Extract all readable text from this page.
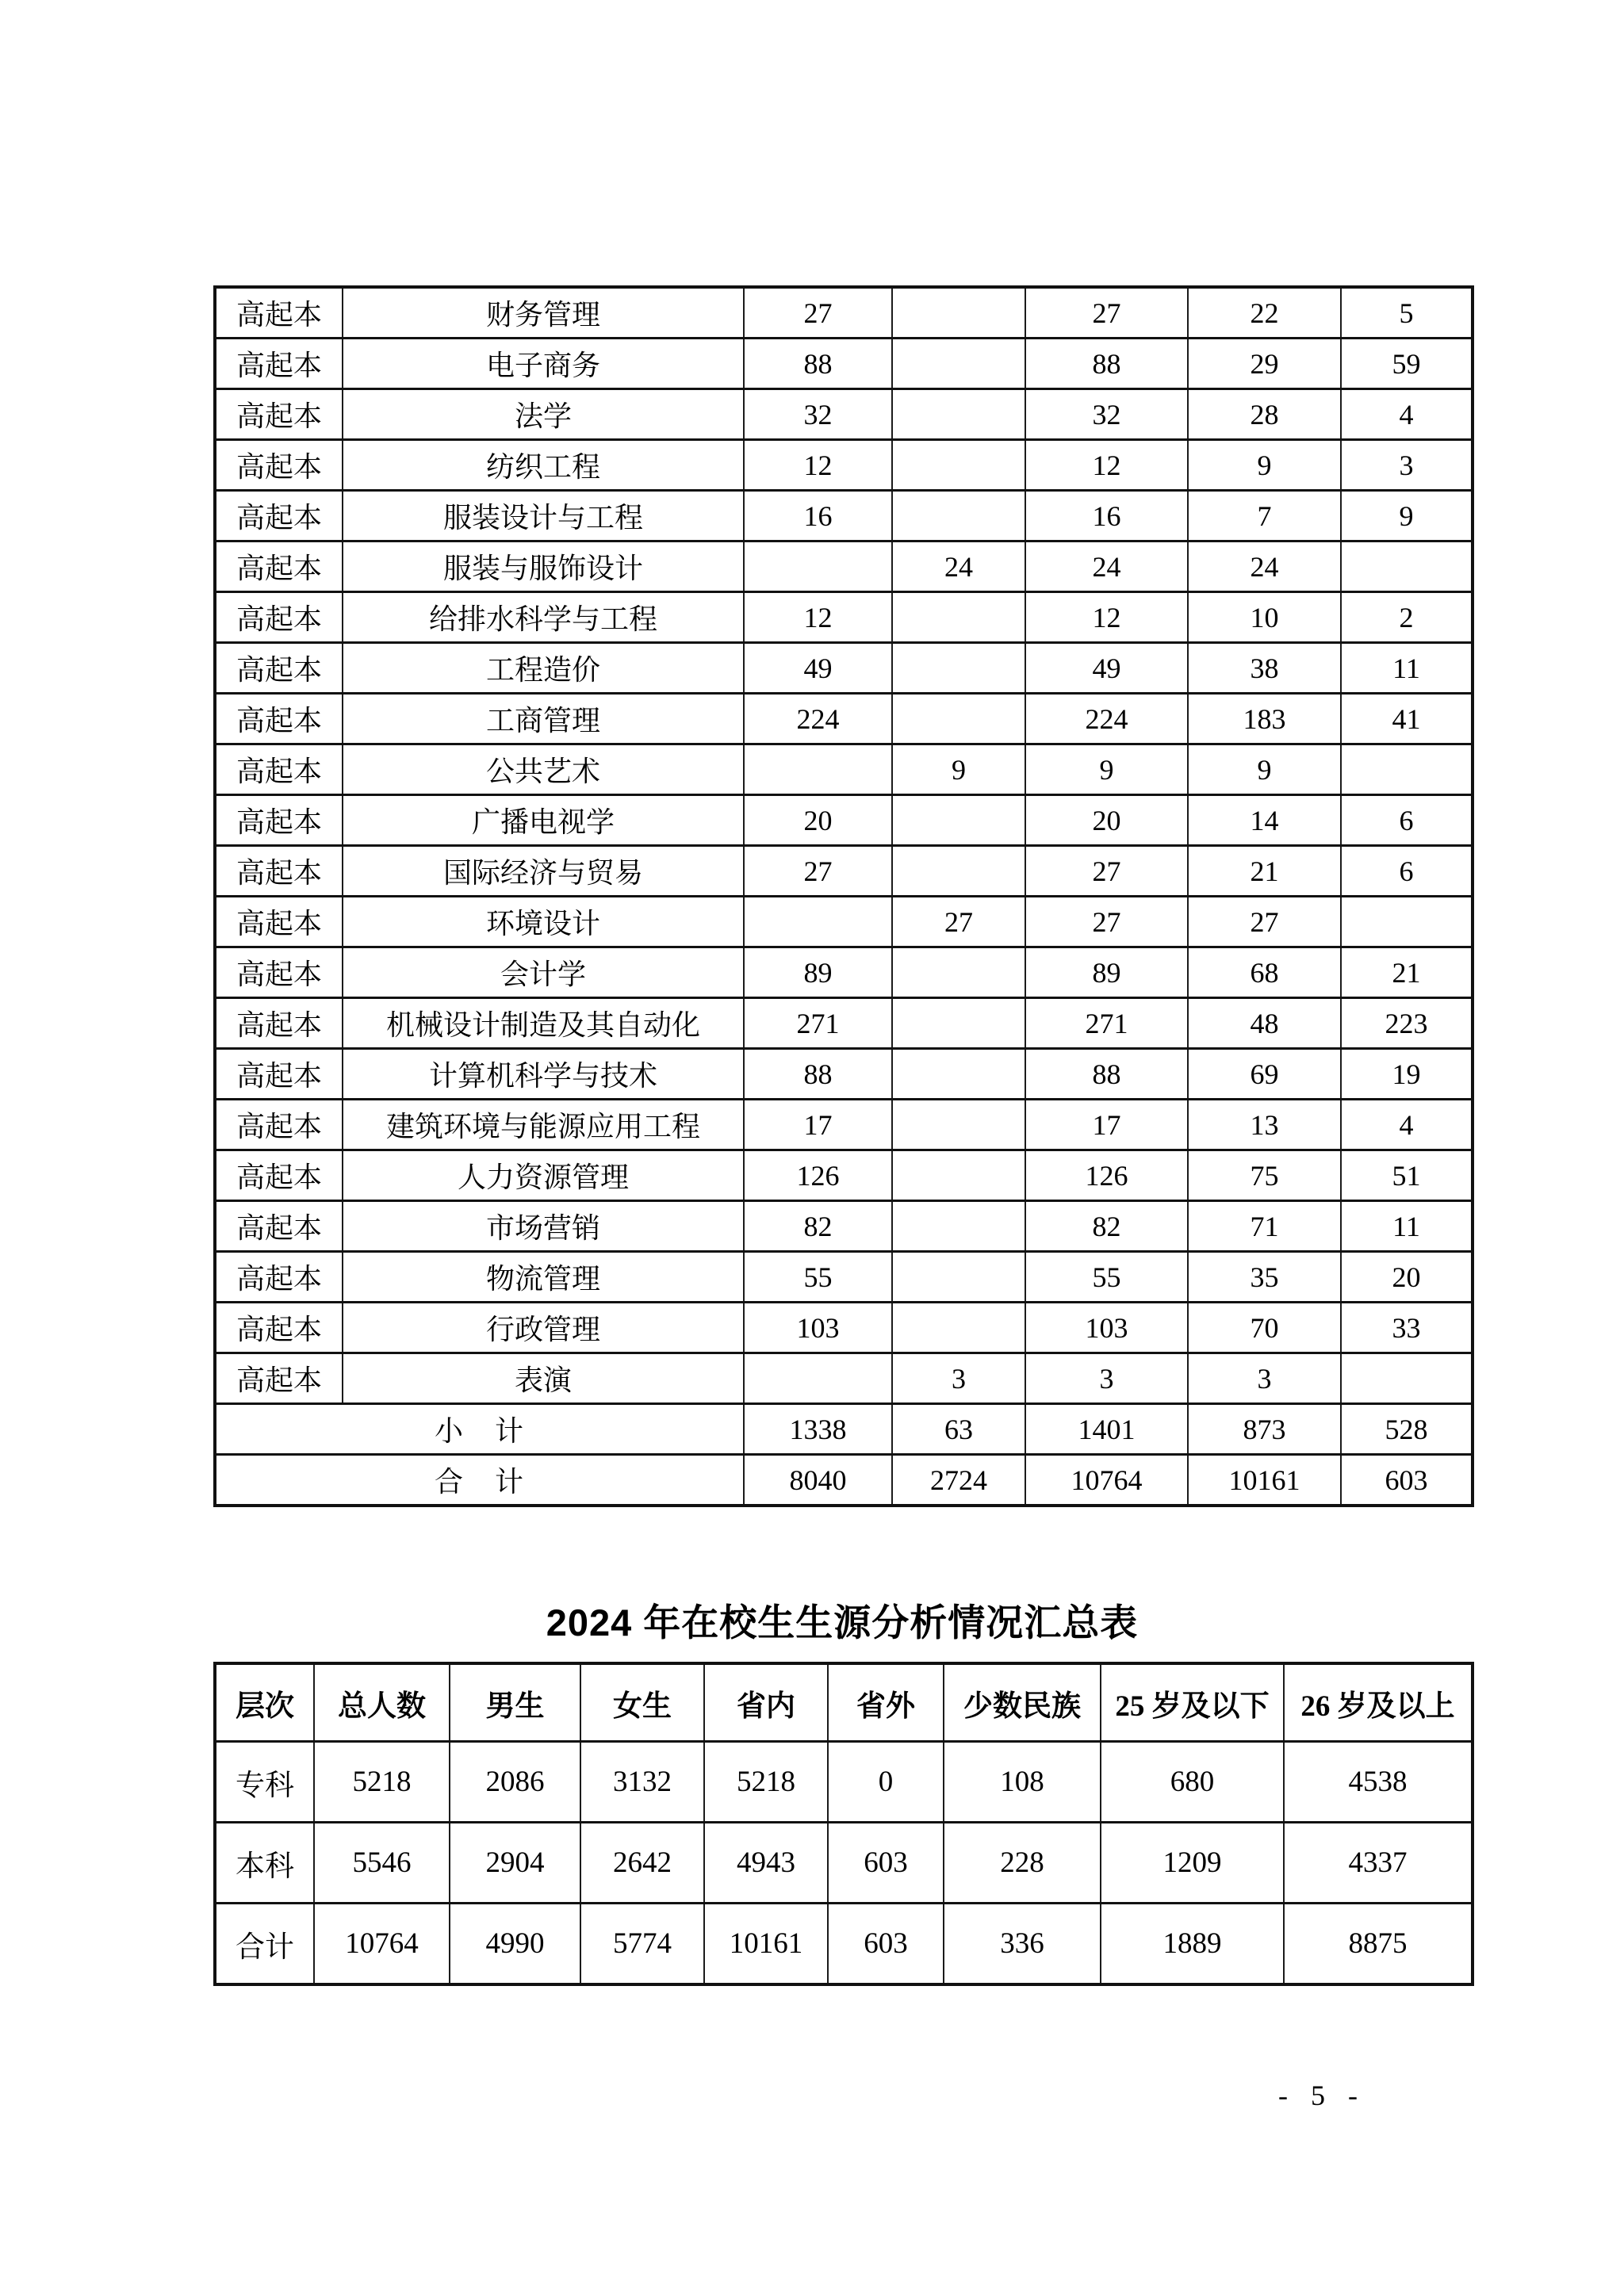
高起本	财务管理	27		27	22	5
高起本	电子商务	88		88	29	59
高起本	法学	32		32	28	4
高起本	纺织工程	12		12	9	3
高起本	服装设计与工程	16		16	7	9
高起本	服装与服饰设计		24	24	24	
高起本	给排水科学与工程	12		12	10	2
高起本	工程造价	49		49	38	11
高起本	工商管理	224		224	183	41
高起本	公共艺术		9	9	9	
高起本	广播电视学	20		20	14	6
高起本	国际经济与贸易	27		27	21	6
高起本	环境设计		27	27	27	
高起本	会计学	89		89	68	21
高起本	机械设计制造及其自动化	271		271	48	223
高起本	计算机科学与技术	88		88	69	19
高起本	建筑环境与能源应用工程	17		17	13	4
高起本	人力资源管理	126		126	75	51
高起本	市场营销	82		82	71	11
高起本	物流管理	55		55	35	20
高起本	行政管理	103		103	70	33
高起本	表演		3	3	3	
小　计		1338	63	1401	873	528
合　计		8040	2724	10764	10161	603
2024 年在校生生源分析情况汇总表
层次	总人数	男生	女生	省内	省外	少数民族	25 岁及以下	26 岁及以上
专科	5218	2086	3132	5218	0	108	680	4538
本科	5546	2904	2642	4943	603	228	1209	4337
合计	10764	4990	5774	10161	603	336	1889	8875
- 5 -
